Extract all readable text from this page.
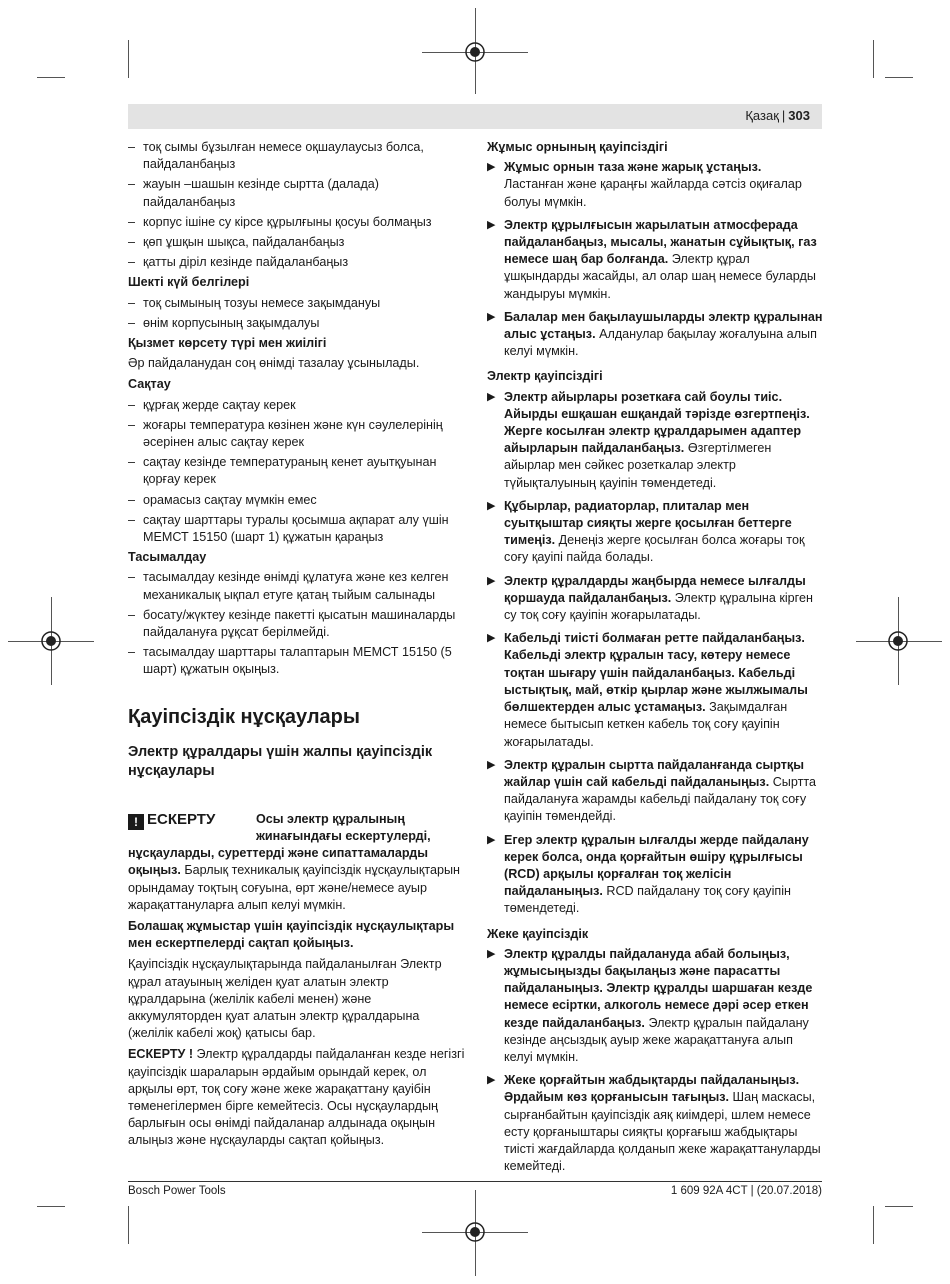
Қазақ | 303
– тоқ сымы бұзылған немесе оқшаулаусыз болса, пайдаланбаңыз
– жауын –шашын кезінде сыртта (далада) пайдаланбаңыз
– корпус ішіне су кірсе құрылғыны қосуы болмаңыз
– қөп ұшқын шықса, пайдаланбаңыз
– қатты діріл кезінде пайдаланбаңыз
Шекті күй белгілері
– тоқ сымының тозуы немесе зақымдануы
– өнім корпусының зақымдалуы
Қызмет көрсету түрі мен жиілігі

Әр пайдаланудан соң өнімді тазалау ұсынылады.

Сақтау
– құрғақ жерде сақтау керек
– жоғары температура көзінен және күн сәулелерінің әсерінен алыс сақтау керек
– сақтау кезінде температураның кенет ауытқуынан қорғау керек
– орамасыз сақтау мүмкін емес
– сақтау шарттары туралы қосымша ақпарат алу үшін МЕМСТ 15150 (шарт 1) құжатын қараңыз
Тасымалдау
– тасымалдау кезінде өнімді құлатуға және кез келген механикалық ықпал етуге қатаң тыйым салынады
– босату/жүктеу кезінде пакетті қысатын машиналарды пайдалануға рұқсат берілмейді.
– тасымалдау шарттары талаптарын МЕМСТ 15150 (5 шарт) құжатын оқыңыз.
Қауіпсіздік нұсқаулары
Электр құралдары үшін жалпы қауіпсіздік нұсқаулары
! ЕСКЕРТУ	Осы электр құралының жинағындағы ескертулерді, нұсқауларды, суреттерді және сипаттамаларды оқыңыз. Барлық техникалық қауіпсіздік нұсқаулықтарын орындамау тоқтың соғуына, өрт және/немесе ауыр жарақаттануларға алып келуі мүмкін.

Болашақ жұмыстар үшін қауіпсіздік нұсқаулықтары мен ескертпелерді сақтап қойыңыз.

Қауіпсіздік нұсқаулықтарында пайдаланылған Электр құрал атауының желіден қуат алатын электр құралдарына (желілік кабелі менен) және аккумуляторден қуат алатын электр құралдарына (желілік кабелі жоқ) қатысы бар.

ЕСКЕРТУ ! Электр құралдарды пайдаланған кезде негізгі қауіпсіздік шараларын әрдайым орындай керек, ол арқылы өрт, тоқ соғу және жеке жарақаттану қауібін төменегілермен бірге кемейтесіз. Осы нұсқаулардың барлығын осы өнімді пайдаланар алдынада оқыңын алыңыз және нұсқауларды сақтап қойыңыз.

Жұмыс орнының қауіпсіздігі
▶ Жұмыс орнын таза және жарық ұстаңыз. Ластанған және қараңғы жайларда сәтсіз оқиғалар болуы мүмкін.
▶ Электр құрылғысын жарылатын атмосферада пайдаланбаңыз, мысалы, жанатын сұйықтық, газ немесе шаң бар болғанда. Электр құрал ұшқындарды жасайды, ал олар шаң немесе буларды жандыруы мүмкін.
▶ Балалар мен бақылаушыларды электр құралынан алыс ұстаңыз. Алданулар бақылау жоғалуына алып келуі мүмкін.
Электр қауіпсіздігі
▶ Электр айырлары розеткаға сай боулы тиіс. Айырды ешқашан ешқандай тәрізде өзгертпеңіз. Жерге косылған электр құралдарымен адаптер айырларын пайдаланбаңыз. Өзгертілмеген айырлар мен сәйкес розеткалар электр түйықталуының қауіпін төмендетеді.
▶ Құбырлар, радиаторлар, плиталар мен суытқыштар сияқты жерге қосылған беттерге тимеңіз. Денеңіз жерге қосылған болса жоғары тоқ соғу қауіпі пайда болады.
▶ Электр құралдарды жаңбырда немесе ылғалды қоршауда пайдаланбаңыз. Электр құралына кірген су тоқ соғу қауіпін жоғарылатады.
▶ Кабельді тиісті болмаған ретте пайдаланбаңыз. Кабельді электр құралын тасу, көтеру немесе тоқтан шығару үшін пайдаланбаңыз. Кабельді ыстықтық, май, өткір қырлар және жылжымалы бөлшектерден алыс ұстамаңыз. Зақымдалған немесе бытысып кеткен кабель тоқ соғу қауіпін жоғарылатады.
▶ Электр құралын сыртта пайдаланғанда сыртқы жайлар үшін сай кабельді пайдаланыңыз. Сыртта пайдалануға жарамды кабельді пайдалану тоқ соғу қауіпін төмендейді.
▶ Егер электр құралын ылғалды жерде пайдалану керек болса, онда қорғайтын өшіру құрылғысы (RCD) арқылы қорғалған тоқ желісін пайдаланыңыз. RCD пайдалану тоқ соғу қауіпін төмендетеді.
Жеке қауіпсіздік
▶ Электр құралды пайдалануда абай болыңыз, жұмысыңызды бақылаңыз және парасатты пайдаланыңыз. Электр құралды шаршаған кезде немесе есіртки, алкоголь немесе дәрі әсер еткен кезде пайдаланбаңыз. Электр құралын пайдалану кезінде аңсыздық ауыр жеке жарақаттануға алып келуі мүмкін.
▶ Жеке қорғайтын жабдықтарды пайдаланыңыз. Әрдайым көз қорғанысын тағыңыз. Шаң маскасы, сырғанбайтын қауіпсіздік аяқ киімдері, шлем немесе есту қорғаныштары сияқты қорғағыш жабдықтары тиісті жағдайларда қолданып жеке жарақаттануларды кемейтеді.
Bosch Power Tools	1 609 92A 4CT | (20.07.2018)
